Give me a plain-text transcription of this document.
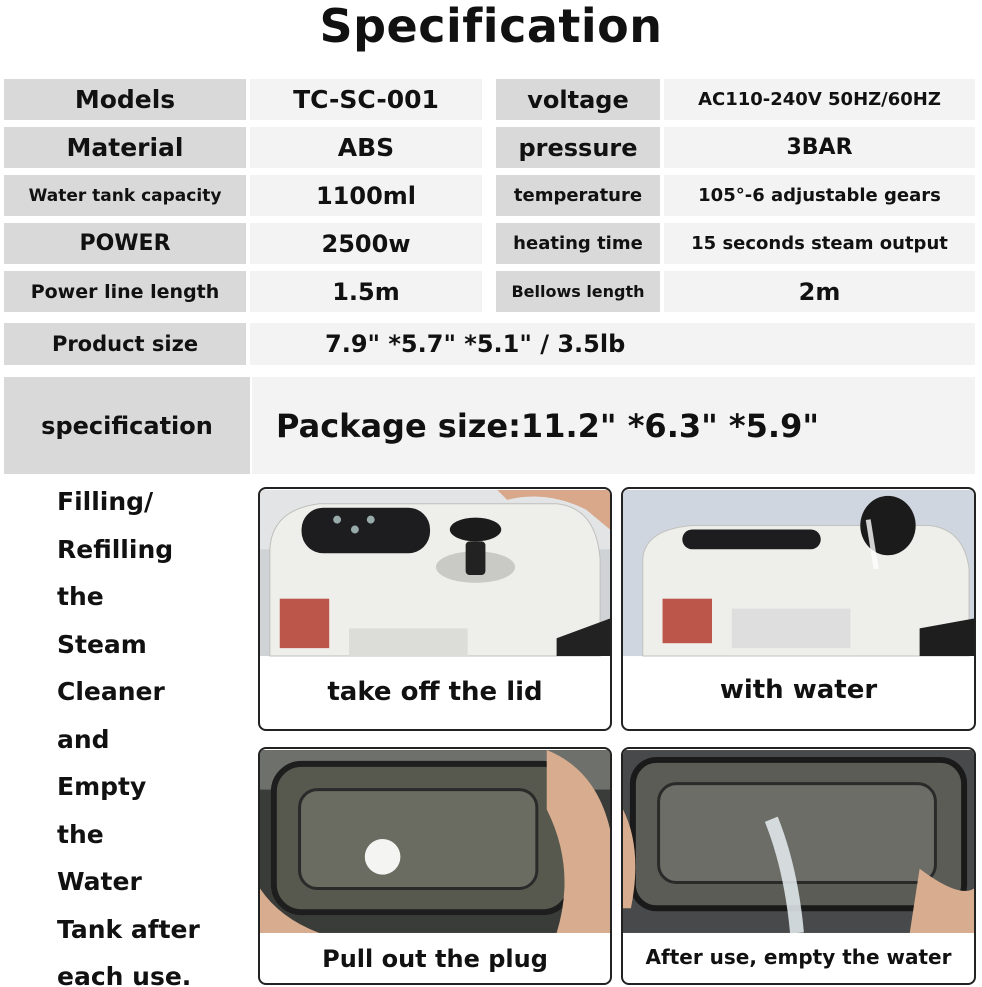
Specification
Models	TC-SC-001	voltage	AC110-240V 50HZ/60HZ
Material	ABS	pressure	3BAR
Water tank capacity	1100ml	temperature	105°-6 adjustable gears
POWER	2500w	heating time	15 seconds steam output
Power line length	1.5m	Bellows length	2m
Product size	7.9" *5.7" *5.1" / 3.5lb
specification	Package size:11.2" *6.3" *5.9"
Filling/
Refilling
the
Steam
Cleaner
and
Empty
the
Water
Tank after
each use.
take off the lid	with water
Pull out the plug	After use, empty the water
